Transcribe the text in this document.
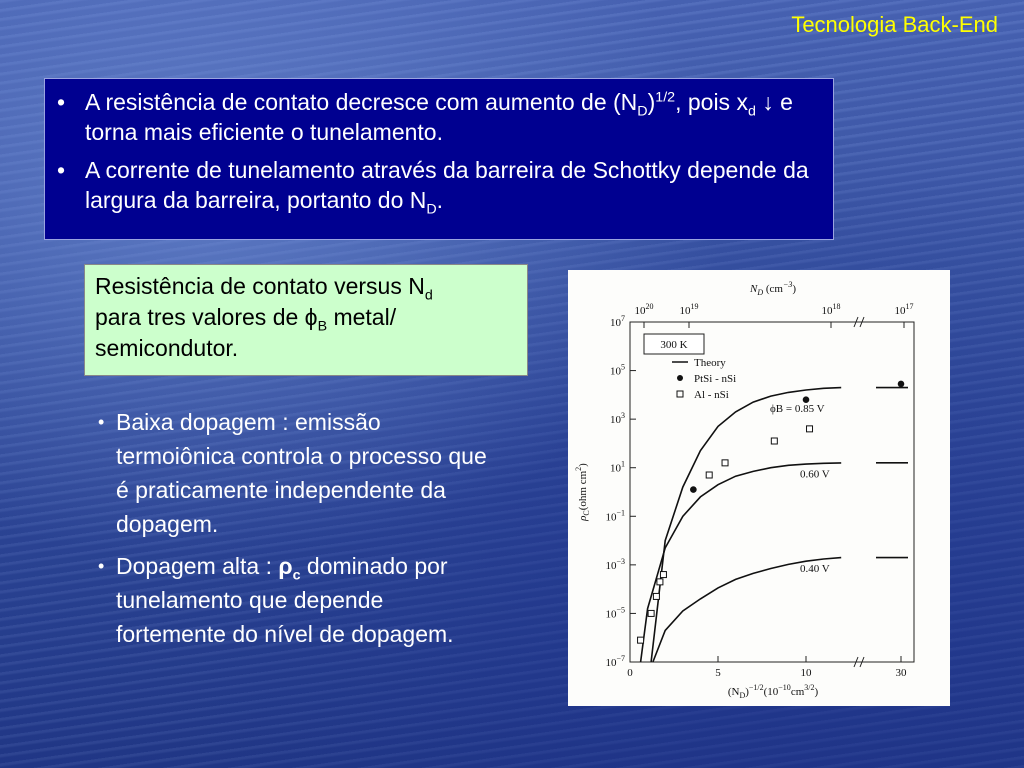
Tecnologia Back-End
• A resistência de contato decresce com aumento de $(N_D)^{1/2}$, pois $x_d$ ↓ e torna mais eficiente o tunelamento.
• A corrente de tunelamento através da barreira de Schottky depende da largura da barreira, portanto do $N_D$.
Resistência de contato versus $N_d$
para tres valores de $\phi_B$ metal/ semicondutor.
• Baixa dopagem : emissão termoiônica controla o processo que é praticamente independente da dopagem.
• Dopagem alta : $\rho_c$ dominado por tunelamento que depende fortemente do nível de dopagem.
$N_D$ $(cm^{-3})$
$10^{20}$ $10^{19}$	$10^{18}$	$10^{17}$
$10^7$
$10^5$
$10^3$
$10^1$
$10^{-1}$
$10^{-3}$
$10^{-5}$
$10^{-7}$
$\rho_C(ohm$ $cm^2$)
0	5	10	30
$(N_D)^{-1/2}(10^{-10}cm^{3/2})$
300 K
Theory
PtSi - nSi
Al - nSi
ϕB = 0.85 V
0.60 V
0.40 V
